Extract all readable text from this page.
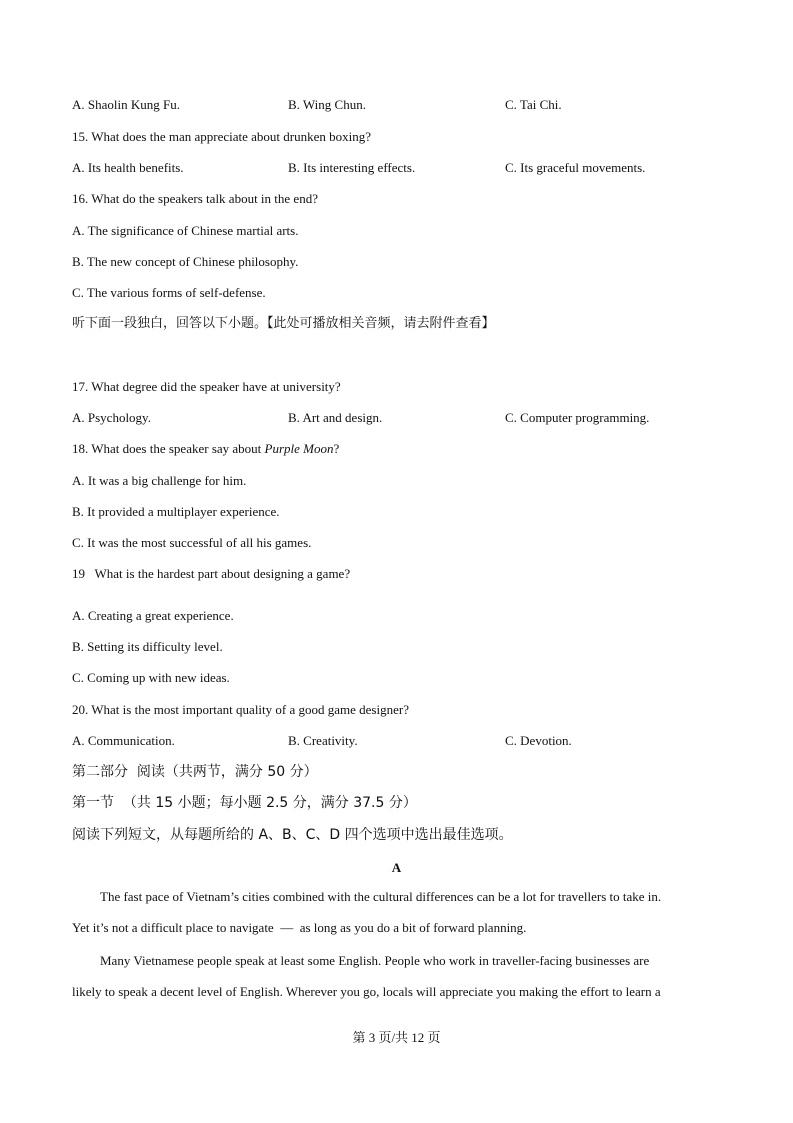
A. Shaolin Kung Fu.	B. Wing Chun.	C. Tai Chi.
15. What does the man appreciate about drunken boxing?
A. Its health benefits.	B. Its interesting effects.	C. Its graceful movements.
16. What do the speakers talk about in the end?
A. The significance of Chinese martial arts.
B. The new concept of Chinese philosophy.
C. The various forms of self-defense.
听下面一段独白，回答以下小题。【此处可播放相关音频，请去附件查看】
17. What degree did the speaker have at university?
A. Psychology.	B. Art and design.	C. Computer programming.
18. What does the speaker say about Purple Moon?
A. It was a big challenge for him.
B. It provided a multiplayer experience.
C. It was the most successful of all his games.
19   What is the hardest part about designing a game?
A. Creating a great experience.
B. Setting its difficulty level.
C. Coming up with new ideas.
20. What is the most important quality of a good game designer?
A. Communication.	B. Creativity.	C. Devotion.
第二部分  阅读（共两节，满分 50 分）
第一节  （共 15 小题；每小题 2.5 分，满分 37.5 分）
阅读下列短文，从每题所给的 A、B、C、D 四个选项中选出最佳选项。
A
The fast pace of Vietnam’s cities combined with the cultural differences can be a lot for travellers to take in.
Yet it’s not a difficult place to navigate  —  as long as you do a bit of forward planning.
Many Vietnamese people speak at least some English. People who work in traveller-facing businesses are
likely to speak a decent level of English. Wherever you go, locals will appreciate you making the effort to learn a
第 3 页/共 12 页
